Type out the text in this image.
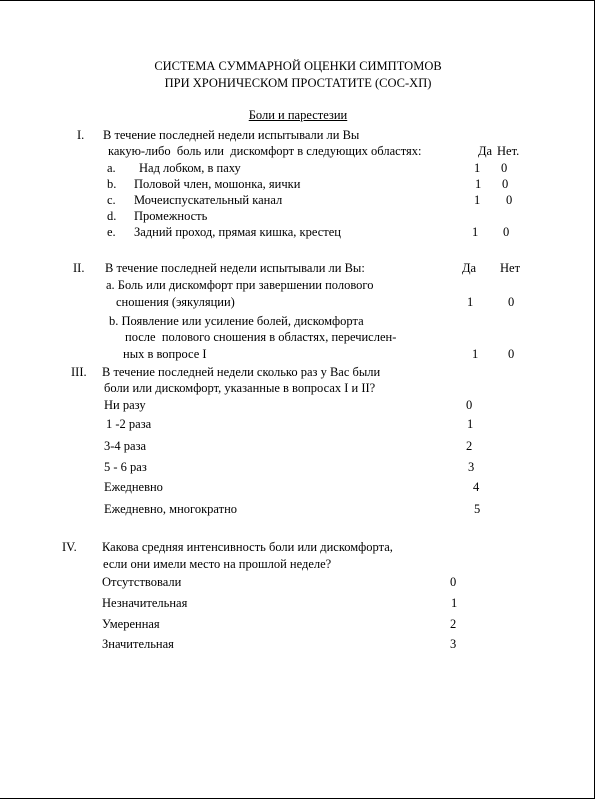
СИСТЕМА СУММАРНОЙ ОЦЕНКИ СИМПТОМОВ
ПРИ ХРОНИЧЕСКОМ ПРОСТАТИТЕ (СОС-ХП)
Боли и парестезии
I. В течение последней недели испытывали ли Вы
какую-либо  боль или  дискомфорт в следующих областях:	Да Нет.
a. Над лобком, в паху	1 0
b. Половой член, мошонка, яички	1 0
c. Мочеиспускательный канал	1 0
d. Промежность
e. Задний проход, прямая кишка, крестец	1 0
II. В течение последней недели испытывали ли Вы:	Да Нет
a. Боль или дискомфорт при завершении полового
сношения (эякуляции)	1	0
b. Появление или усиление болей, дискомфорта
после  полового сношения в областях, перечислен-
ных в вопросе I	1 0
III. В течение последней недели сколько раз у Вас были
боли или дискомфорт, указанные в вопросах I и II?
Ни разу	0
1 -2 раза	1
3-4 раза	2
5 - 6 раз	3
Ежедневно	4
Ежедневно, многократно	5
IV. Какова средняя интенсивность боли или дискомфорта,
если они имели место на прошлой неделе?
Отсутствовали	0
Незначительная	1
Умеренная	2
Значительная	3
